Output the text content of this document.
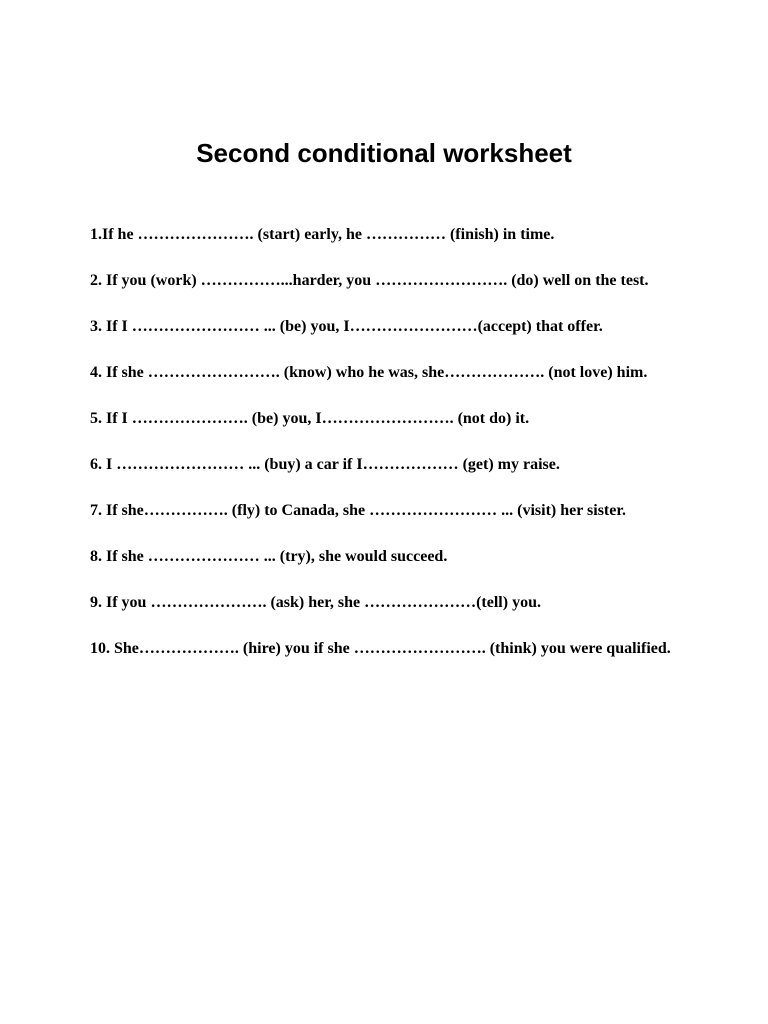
Second conditional worksheet
1.If he …………………. (start) early, he …………… (finish) in time.
2. If you (work) ……………...harder, you ……………………. (do) well on the test.
3. If I …………………… ... (be) you, I……………………(accept) that offer.
4. If she ……………………. (know) who he was, she………………. (not love) him.
5. If I …………………. (be) you, I……………………. (not do) it.
6. I …………………… ... (buy) a car if I……………… (get) my raise.
7. If she……………. (fly) to Canada, she …………………… ... (visit) her sister.
8. If she ………………… ... (try), she would succeed.
9. If you …………………. (ask) her, she …………………(tell) you.
10. She………………. (hire) you if she ……………………. (think) you were qualified.
